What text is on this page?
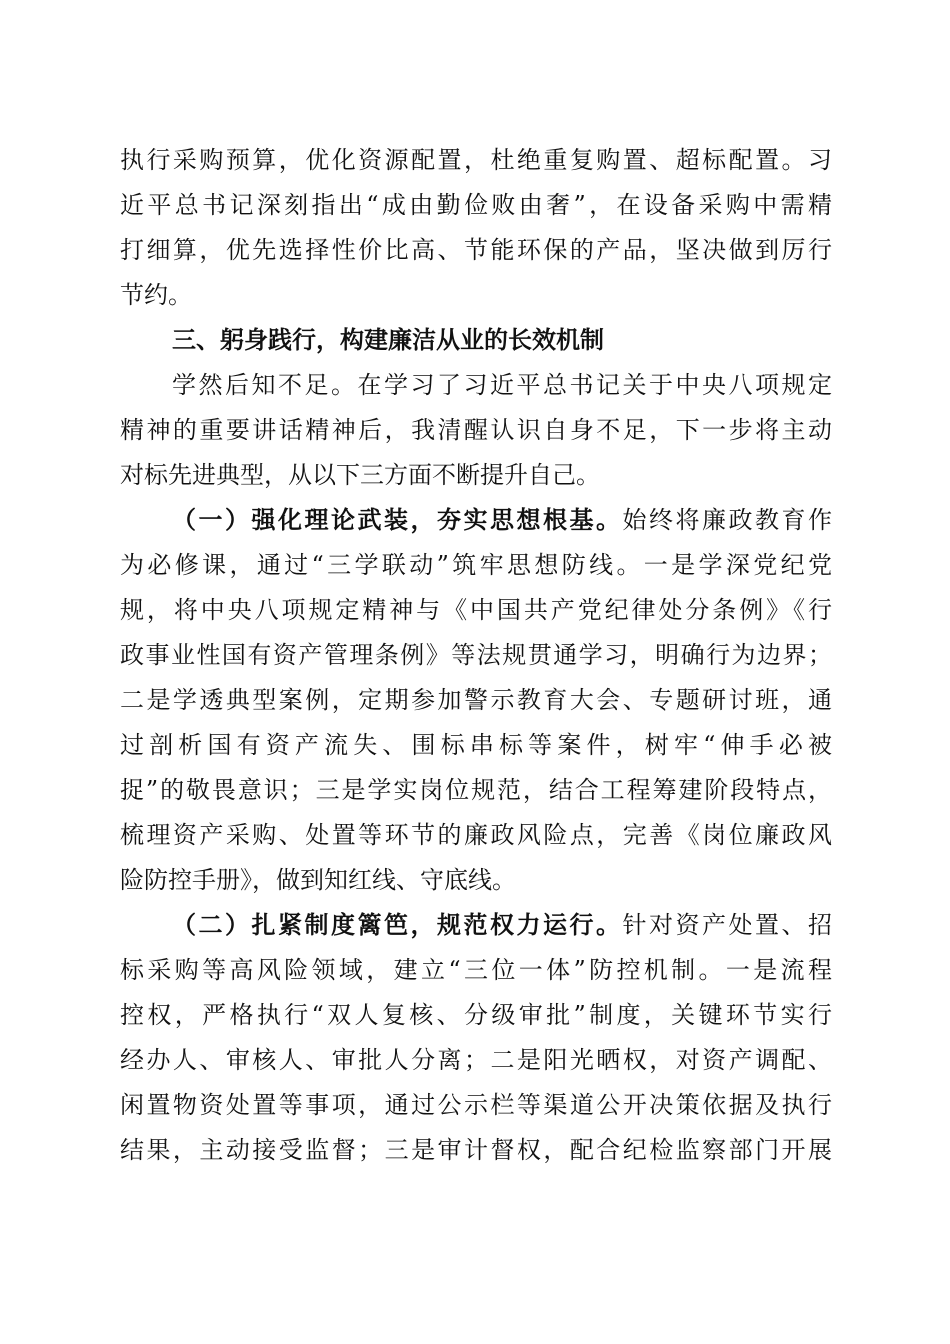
执行采购预算，优化资源配置，杜绝重复购置、超标配置。习
近平总书记深刻指出“成由勤俭败由奢”，在设备采购中需精
打细算，优先选择性价比高、节能环保的产品，坚决做到厉行
节约。
三、躬身践行，构建廉洁从业的长效机制
学然后知不足。在学习了习近平总书记关于中央八项规定
精神的重要讲话精神后，我清醒认识自身不足，下一步将主动
对标先进典型，从以下三方面不断提升自己。
（一）强化理论武装，夯实思想根基。始终将廉政教育作
为必修课，通过“三学联动”筑牢思想防线。一是学深党纪党
规，将中央八项规定精神与《中国共产党纪律处分条例》《行
政事业性国有资产管理条例》等法规贯通学习，明确行为边界；
二是学透典型案例，定期参加警示教育大会、专题研讨班，通
过剖析国有资产流失、围标串标等案件，树牢“伸手必被
捉”的敬畏意识；三是学实岗位规范，结合工程筹建阶段特点，
梳理资产采购、处置等环节的廉政风险点，完善《岗位廉政风
险防控手册》，做到知红线、守底线。
（二）扎紧制度篱笆，规范权力运行。针对资产处置、招
标采购等高风险领域，建立“三位一体”防控机制。一是流程
控权，严格执行“双人复核、分级审批”制度，关键环节实行
经办人、审核人、审批人分离；二是阳光晒权，对资产调配、
闲置物资处置等事项，通过公示栏等渠道公开决策依据及执行
结果，主动接受监督；三是审计督权，配合纪检监察部门开展
